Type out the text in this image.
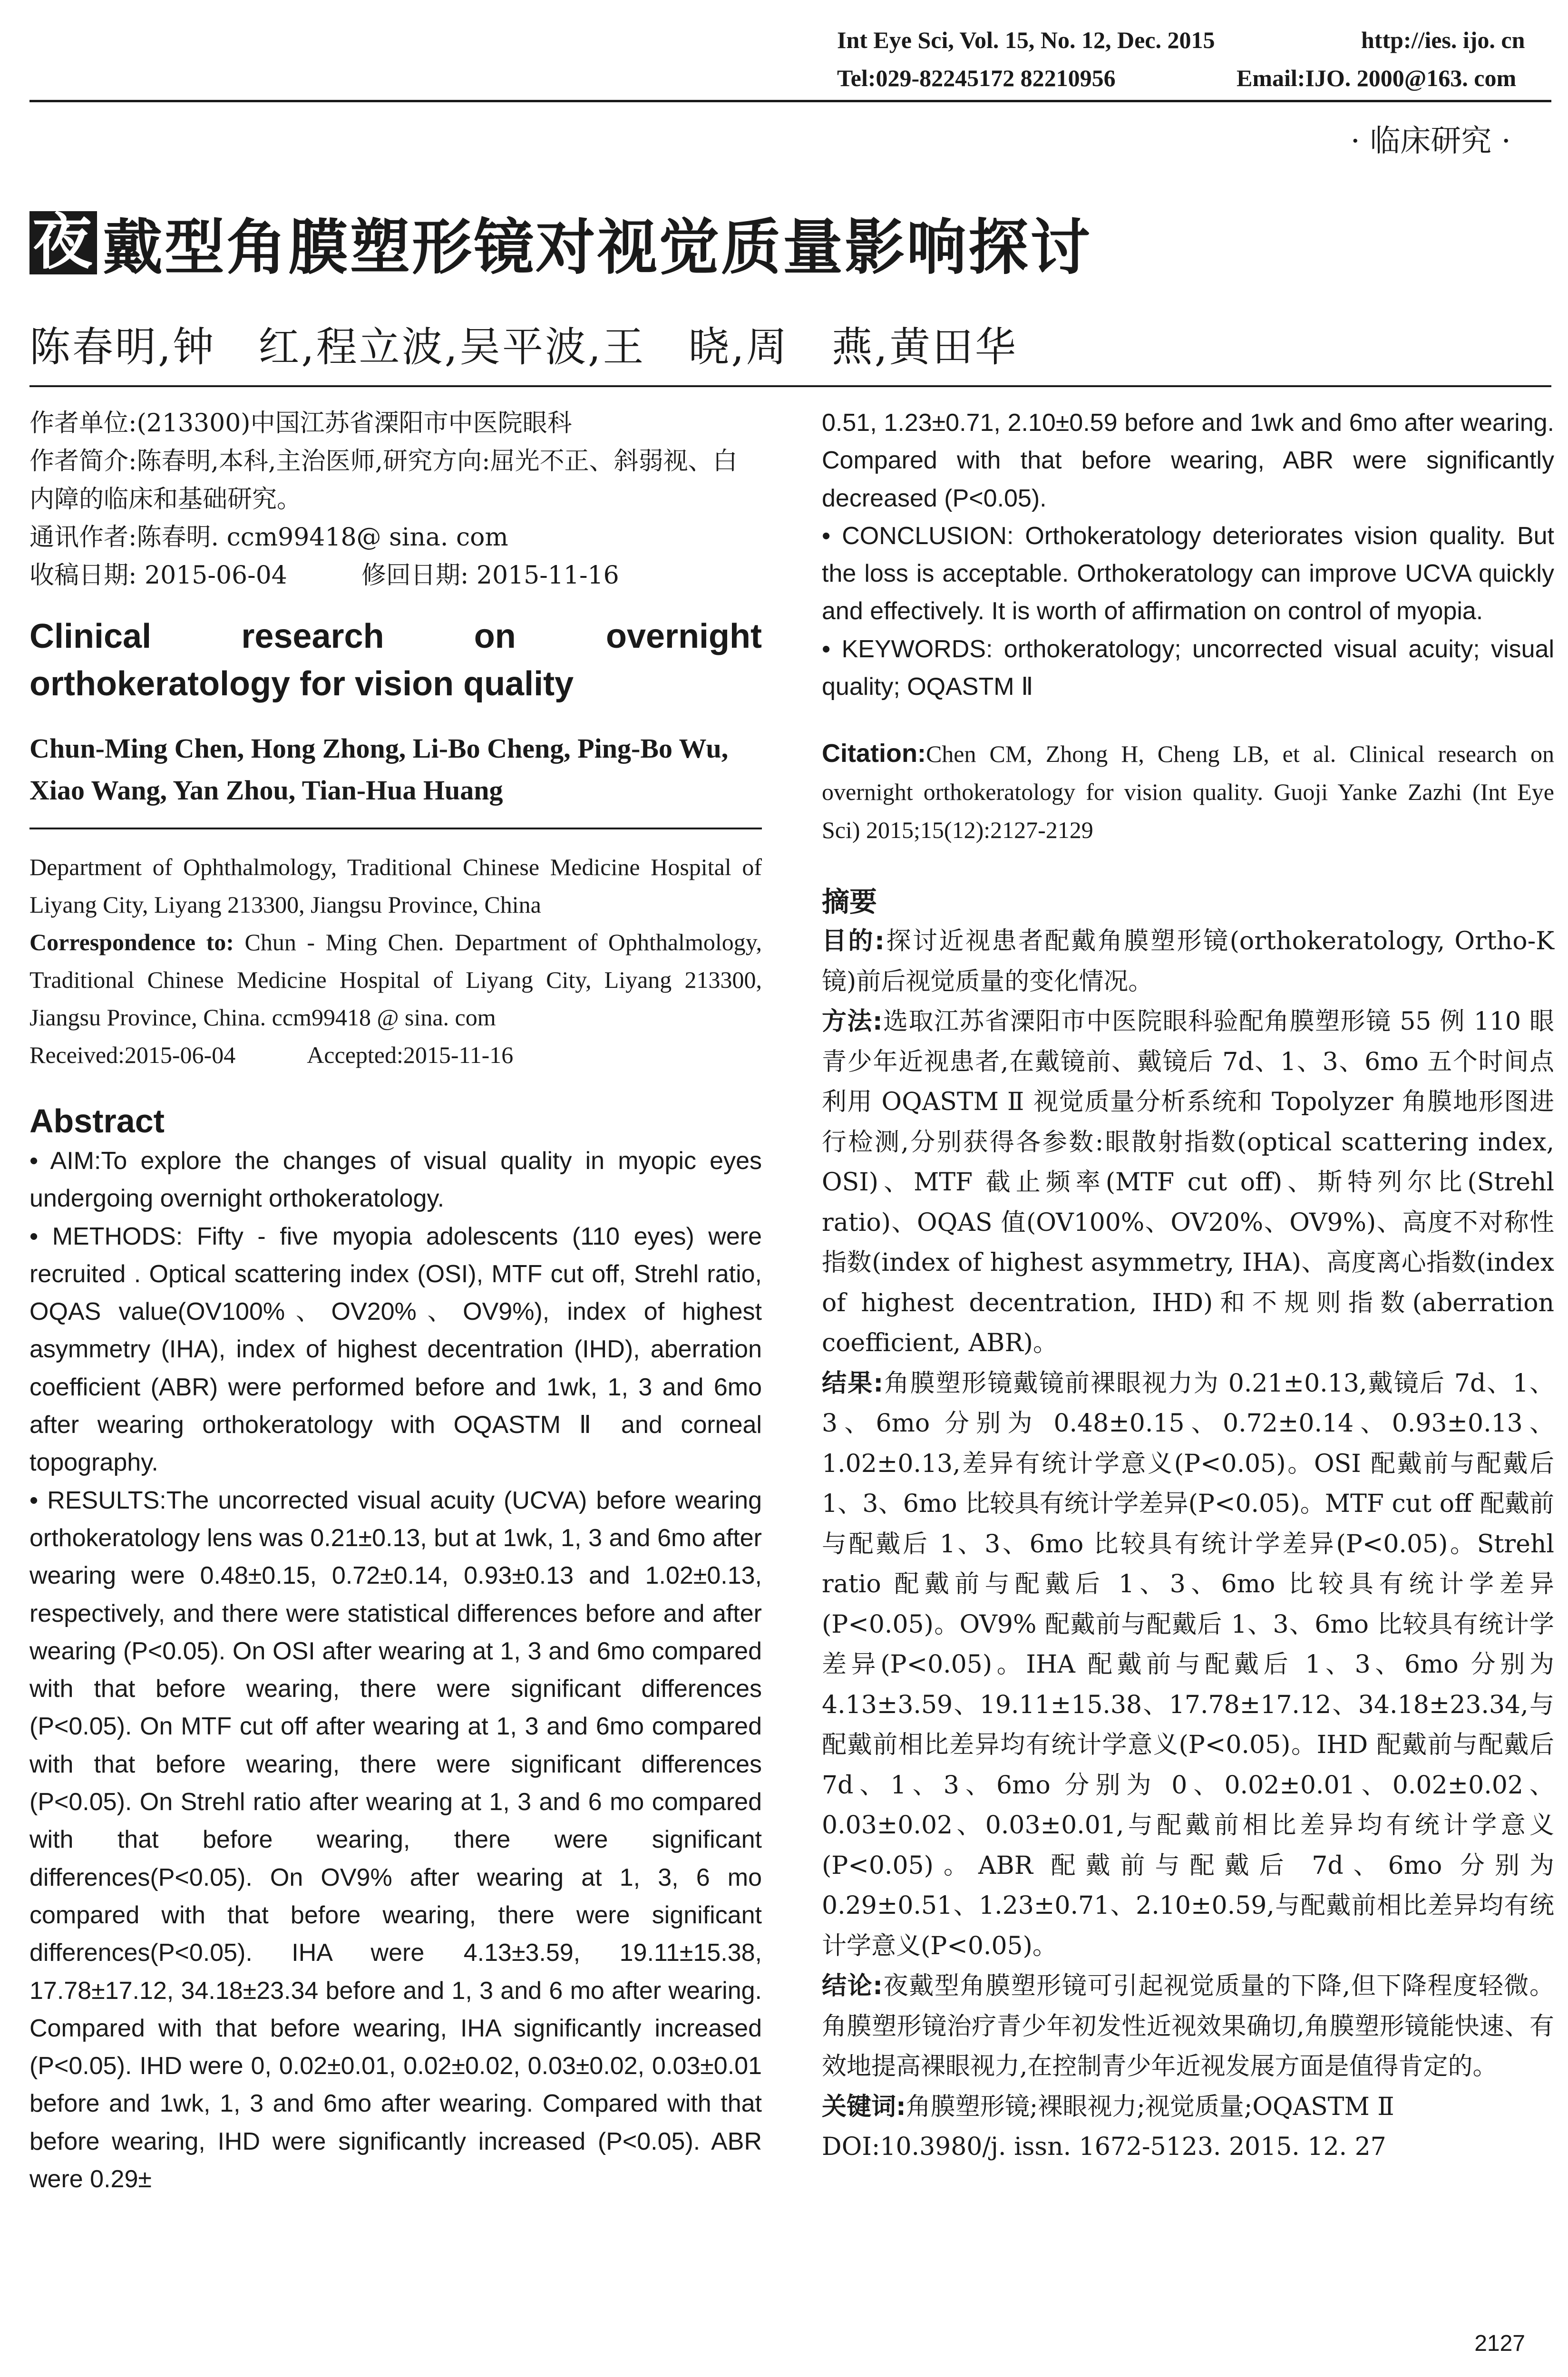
Int Eye Sci, Vol. 15, No. 12, Dec. 2015	http://ies. ijo. cn
Tel:029-82245172 82210956	Email:IJO. 2000@163. com
· 临床研究 ·
夜 戴型角膜塑形镜对视觉质量影响探讨
陈春明,钟　红,程立波,吴平波,王　晓,周　燕,黄田华

作者单位:(213300)中国江苏省溧阳市中医院眼科

作者简介:陈春明,本科,主治医师,研究方向:屈光不正、斜弱视、白内障的临床和基础研究。

通讯作者:陈春明. ccm99418@ sina. com

收稿日期: 2015-06-04　　　修回日期: 2015-11-16

Clinical	research	on	overnight
orthokeratology for vision quality
Chun-Ming Chen, Hong Zhong, Li-Bo Cheng, Ping-Bo Wu, Xiao Wang, Yan Zhou, Tian-Hua Huang

Department of Ophthalmology, Traditional Chinese Medicine Hospital of Liyang City, Liyang 213300, Jiangsu Province, China

Correspondence to: Chun - Ming Chen. Department of Ophthalmology, Traditional Chinese Medicine Hospital of Liyang City, Liyang 213300, Jiangsu Province, China. ccm99418 @ sina. com

Received:2015-06-04　　　Accepted:2015-11-16

Abstract

• AIM:To explore the changes of visual quality in myopic eyes undergoing overnight orthokeratology.

• METHODS: Fifty - five myopia adolescents (110 eyes) were recruited . Optical scattering index (OSI), MTF cut off, Strehl ratio, OQAS value(OV100%、OV20%、OV9%), index of highest asymmetry (IHA), index of highest decentration (IHD), aberration coefficient (ABR) were performed before and 1wk, 1, 3 and 6mo after wearing orthokeratology with OQASTM Ⅱ and corneal topography.

• RESULTS:The uncorrected visual acuity (UCVA) before wearing orthokeratology lens was 0.21±0.13, but at 1wk, 1, 3 and 6mo after wearing were 0.48±0.15, 0.72±0.14, 0.93±0.13 and 1.02±0.13, respectively, and there were statistical differences before and after wearing (P<0.05). On OSI after wearing at 1, 3 and 6mo compared with that before wearing, there were significant differences (P<0.05). On MTF cut off after wearing at 1, 3 and 6mo compared with that before wearing, there were significant differences (P<0.05). On Strehl ratio after wearing at 1, 3 and 6 mo compared with that before wearing, there were significant differences(P<0.05). On OV9% after wearing at 1, 3, 6 mo compared with that before wearing, there were significant differences(P<0.05). IHA were 4.13±3.59, 19.11±15.38, 17.78±17.12, 34.18±23.34 before and 1, 3 and 6 mo after wearing. Compared with that before wearing, IHA significantly increased (P<0.05). IHD were 0, 0.02±0.01, 0.02±0.02, 0.03±0.02, 0.03±0.01 before and 1wk, 1, 3 and 6mo after wearing. Compared with that before wearing, IHD were significantly increased (P<0.05). ABR were 0.29±

0.51, 1.23±0.71, 2.10±0.59 before and 1wk and 6mo after wearing. Compared with that before wearing, ABR were significantly decreased (P<0.05).

• CONCLUSION: Orthokeratology deteriorates vision quality. But the loss is acceptable. Orthokeratology can improve UCVA quickly and effectively. It is worth of affirmation on control of myopia.

• KEYWORDS: orthokeratology; uncorrected visual acuity; visual quality; OQASTM Ⅱ

Citation:Chen CM, Zhong H, Cheng LB, et al. Clinical research on overnight orthokeratology for vision quality. Guoji Yanke Zazhi (Int Eye Sci) 2015;15(12):2127-2129
摘要

目的:探讨近视患者配戴角膜塑形镜(orthokeratology, Ortho-K 镜)前后视觉质量的变化情况。

方法:选取江苏省溧阳市中医院眼科验配角膜塑形镜 55 例 110 眼青少年近视患者,在戴镜前、戴镜后 7d、1、3、6mo 五个时间点利用 OQASTM Ⅱ 视觉质量分析系统和 Topolyzer 角膜地形图进行检测,分别获得各参数:眼散射指数(optical scattering index, OSI)、MTF 截止频率(MTF cut off)、斯特列尔比(Strehl ratio)、OQAS 值(OV100%、OV20%、OV9%)、高度不对称性指数(index of highest asymmetry, IHA)、高度离心指数(index of highest decentration, IHD)和不规则指数(aberration coefficient, ABR)。

结果:角膜塑形镜戴镜前裸眼视力为 0.21±0.13,戴镜后 7d、1、3、6mo 分别为 0.48±0.15、0.72±0.14、0.93±0.13、1.02±0.13,差异有统计学意义(P<0.05)。OSI 配戴前与配戴后 1、3、6mo 比较具有统计学差异(P<0.05)。MTF cut off 配戴前与配戴后 1、3、6mo 比较具有统计学差异(P<0.05)。Strehl ratio 配戴前与配戴后 1、3、6mo 比较具有统计学差异(P<0.05)。OV9% 配戴前与配戴后 1、3、6mo 比较具有统计学差异(P<0.05)。IHA 配戴前与配戴后 1、3、6mo 分别为 4.13±3.59、19.11±15.38、17.78±17.12、34.18±23.34,与配戴前相比差异均有统计学意义(P<0.05)。IHD 配戴前与配戴后 7d、1、3、6mo 分别为 0、0.02±0.01、0.02±0.02、0.03±0.02、0.03±0.01,与配戴前相比差异均有统计学意义(P<0.05)。ABR 配戴前与配戴后 7d、6mo 分别为 0.29±0.51、1.23±0.71、2.10±0.59,与配戴前相比差异均有统计学意义(P<0.05)。

结论:夜戴型角膜塑形镜可引起视觉质量的下降,但下降程度轻微。角膜塑形镜治疗青少年初发性近视效果确切,角膜塑形镜能快速、有效地提高裸眼视力,在控制青少年近视发展方面是值得肯定的。

关键词:角膜塑形镜;裸眼视力;视觉质量;OQASTM Ⅱ

DOI:10.3980/j. issn. 1672-5123. 2015. 12. 27

2127
